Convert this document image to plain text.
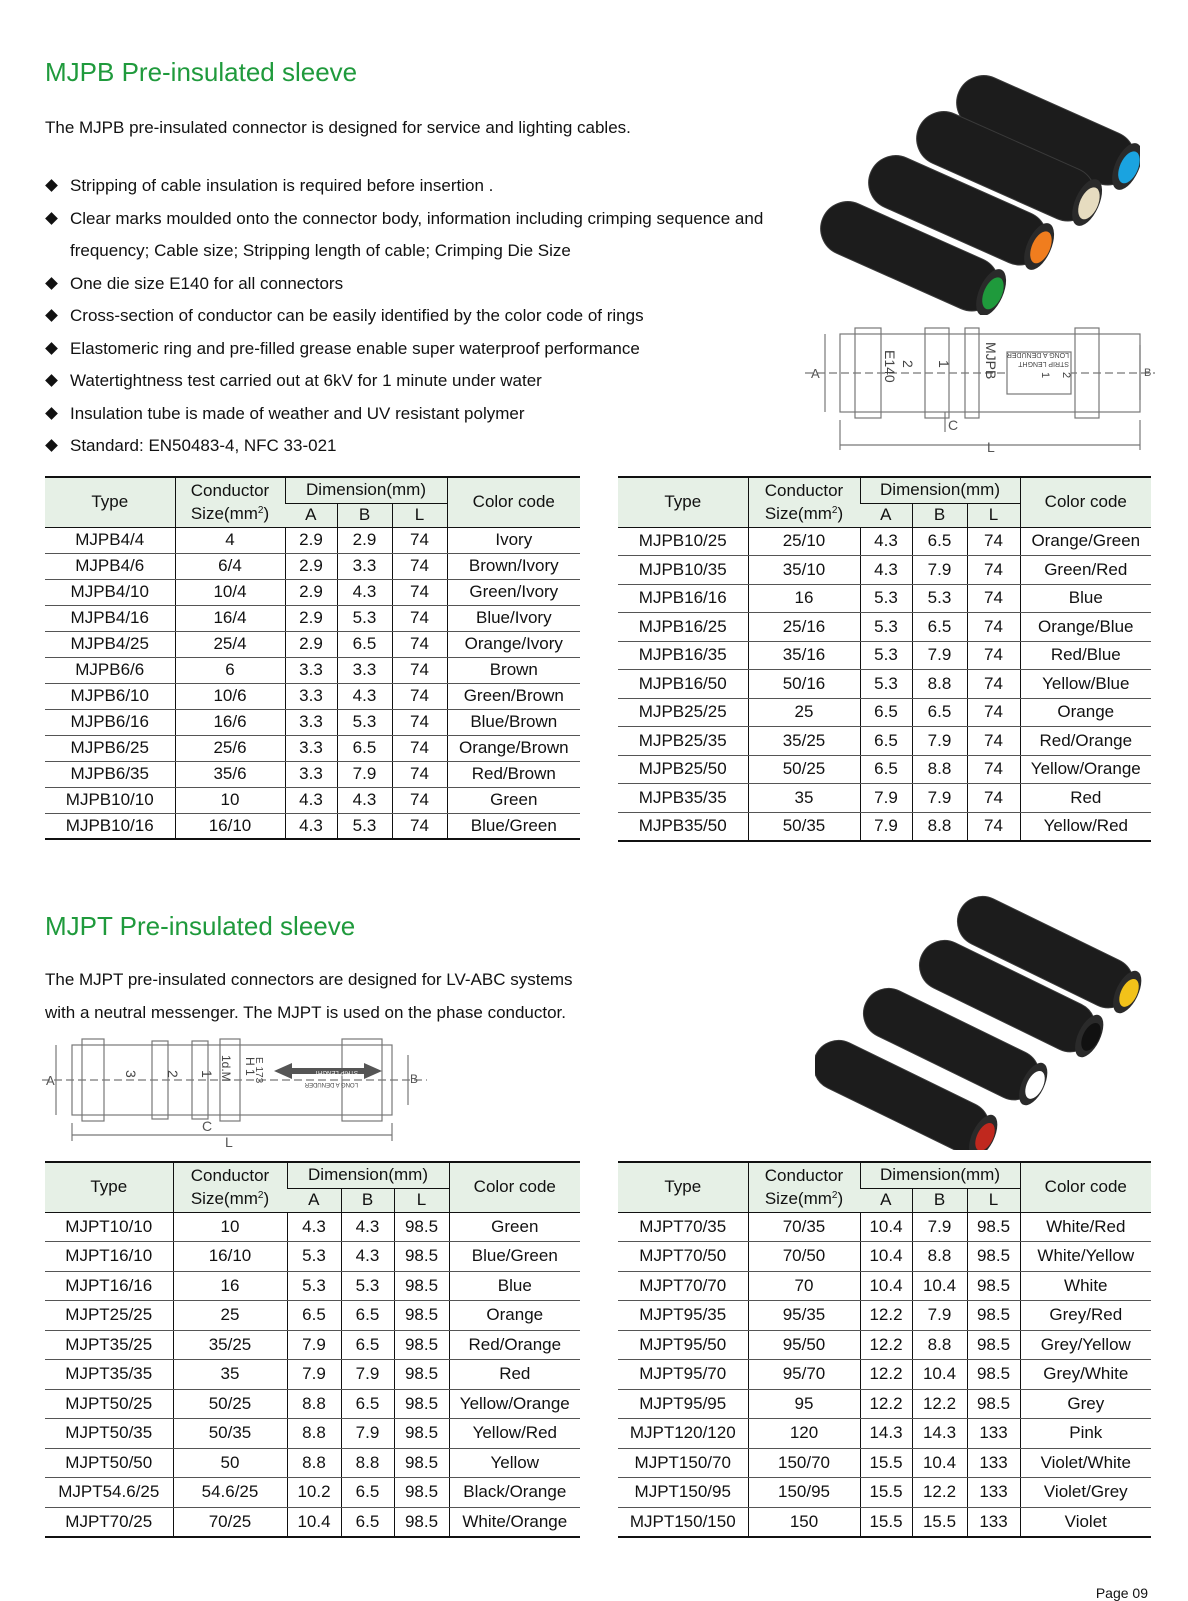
MJPB Pre-insulated sleeve

The MJPB pre-insulated connector is designed for service and lighting cables.

Stripping of cable insulation is required before insertion .
Clear marks moulded onto the connector body, information including crimping sequence and frequency; Cable size; Stripping length of cable; Crimping Die Size
One die size E140 for all connectors
Cross-section of conductor can be easily identified by the color code of rings
Elastomeric ring and pre-filled grease enable super waterproof performance
Watertightness test carried out at 6kV for 1 minute under water
Insulation tube is made of weather and UV resistant polymer
Standard: EN50483-4, NFC 33-021
A	B
C
L
E140 2 1 MJPB	STRIP LENGHT
LONG A DENUDER
1 2
Type	Conductor
$Size(mm^2)$	Dimension(mm)			Color code
		A	B	L	
MJPB4/4	4	2.9	2.9	74	Ivory
MJPB4/6	6/4	2.9	3.3	74	Brown/Ivory
MJPB4/10	10/4	2.9	4.3	74	Green/Ivory
MJPB4/16	16/4	2.9	5.3	74	Blue/Ivory
MJPB4/25	25/4	2.9	6.5	74	Orange/Ivory
MJPB6/6	6	3.3	3.3	74	Brown
MJPB6/10	10/6	3.3	4.3	74	Green/Brown
MJPB6/16	16/6	3.3	5.3	74	Blue/Brown
MJPB6/25	25/6	3.3	6.5	74	Orange/Brown
MJPB6/35	35/6	3.3	7.9	74	Red/Brown
MJPB10/10	10	4.3	4.3	74	Green
MJPB10/16	16/10	4.3	5.3	74	Blue/Green
Type	Conductor
$Size(mm^2)$	Dimension(mm)			Color code
		A	B	L	
MJPB10/25	25/10	4.3	6.5	74	Orange/Green
MJPB10/35	35/10	4.3	7.9	74	Green/Red
MJPB16/16	16	5.3	5.3	74	Blue
MJPB16/25	25/16	5.3	6.5	74	Orange/Blue
MJPB16/35	35/16	5.3	7.9	74	Red/Blue
MJPB16/50	50/16	5.3	8.8	74	Yellow/Blue
MJPB25/25	25	6.5	6.5	74	Orange
MJPB25/35	35/25	6.5	7.9	74	Red/Orange
MJPB25/50	50/25	6.5	8.8	74	Yellow/Orange
MJPB35/35	35	7.9	7.9	74	Red
MJPB35/50	50/35	7.9	8.8	74	Yellow/Red
MJPT Pre-insulated sleeve

The MJPT pre-insulated connectors are designed for LV-ABC systems
with a neutral messenger. The MJPT is used on the phase conductor.

A	B
C
L
3 2 1 1d.M H 1
E 173	STRIP LENGHT
LONG A DENUDER
Type	Conductor
$Size(mm^2)$	Dimension(mm)			Color code
		A	B	L	
MJPT10/10	10	4.3	4.3	98.5	Green
MJPT16/10	16/10	5.3	4.3	98.5	Blue/Green
MJPT16/16	16	5.3	5.3	98.5	Blue
MJPT25/25	25	6.5	6.5	98.5	Orange
MJPT35/25	35/25	7.9	6.5	98.5	Red/Orange
MJPT35/35	35	7.9	7.9	98.5	Red
MJPT50/25	50/25	8.8	6.5	98.5	Yellow/Orange
MJPT50/35	50/35	8.8	7.9	98.5	Yellow/Red
MJPT50/50	50	8.8	8.8	98.5	Yellow
MJPT54.6/25	54.6/25	10.2	6.5	98.5	Black/Orange
MJPT70/25	70/25	10.4	6.5	98.5	White/Orange
Type	Conductor
$Size(mm^2)$	Dimension(mm)			Color code
		A	B	L	
MJPT70/35	70/35	10.4	7.9	98.5	White/Red
MJPT70/50	70/50	10.4	8.8	98.5	White/Yellow
MJPT70/70	70	10.4	10.4	98.5	White
MJPT95/35	95/35	12.2	7.9	98.5	Grey/Red
MJPT95/50	95/50	12.2	8.8	98.5	Grey/Yellow
MJPT95/70	95/70	12.2	10.4	98.5	Grey/White
MJPT95/95	95	12.2	12.2	98.5	Grey
MJPT120/120	120	14.3	14.3	133	Pink
MJPT150/70	150/70	15.5	10.4	133	Violet/White
MJPT150/95	150/95	15.5	12.2	133	Violet/Grey
MJPT150/150	150	15.5	15.5	133	Violet
Page 09
